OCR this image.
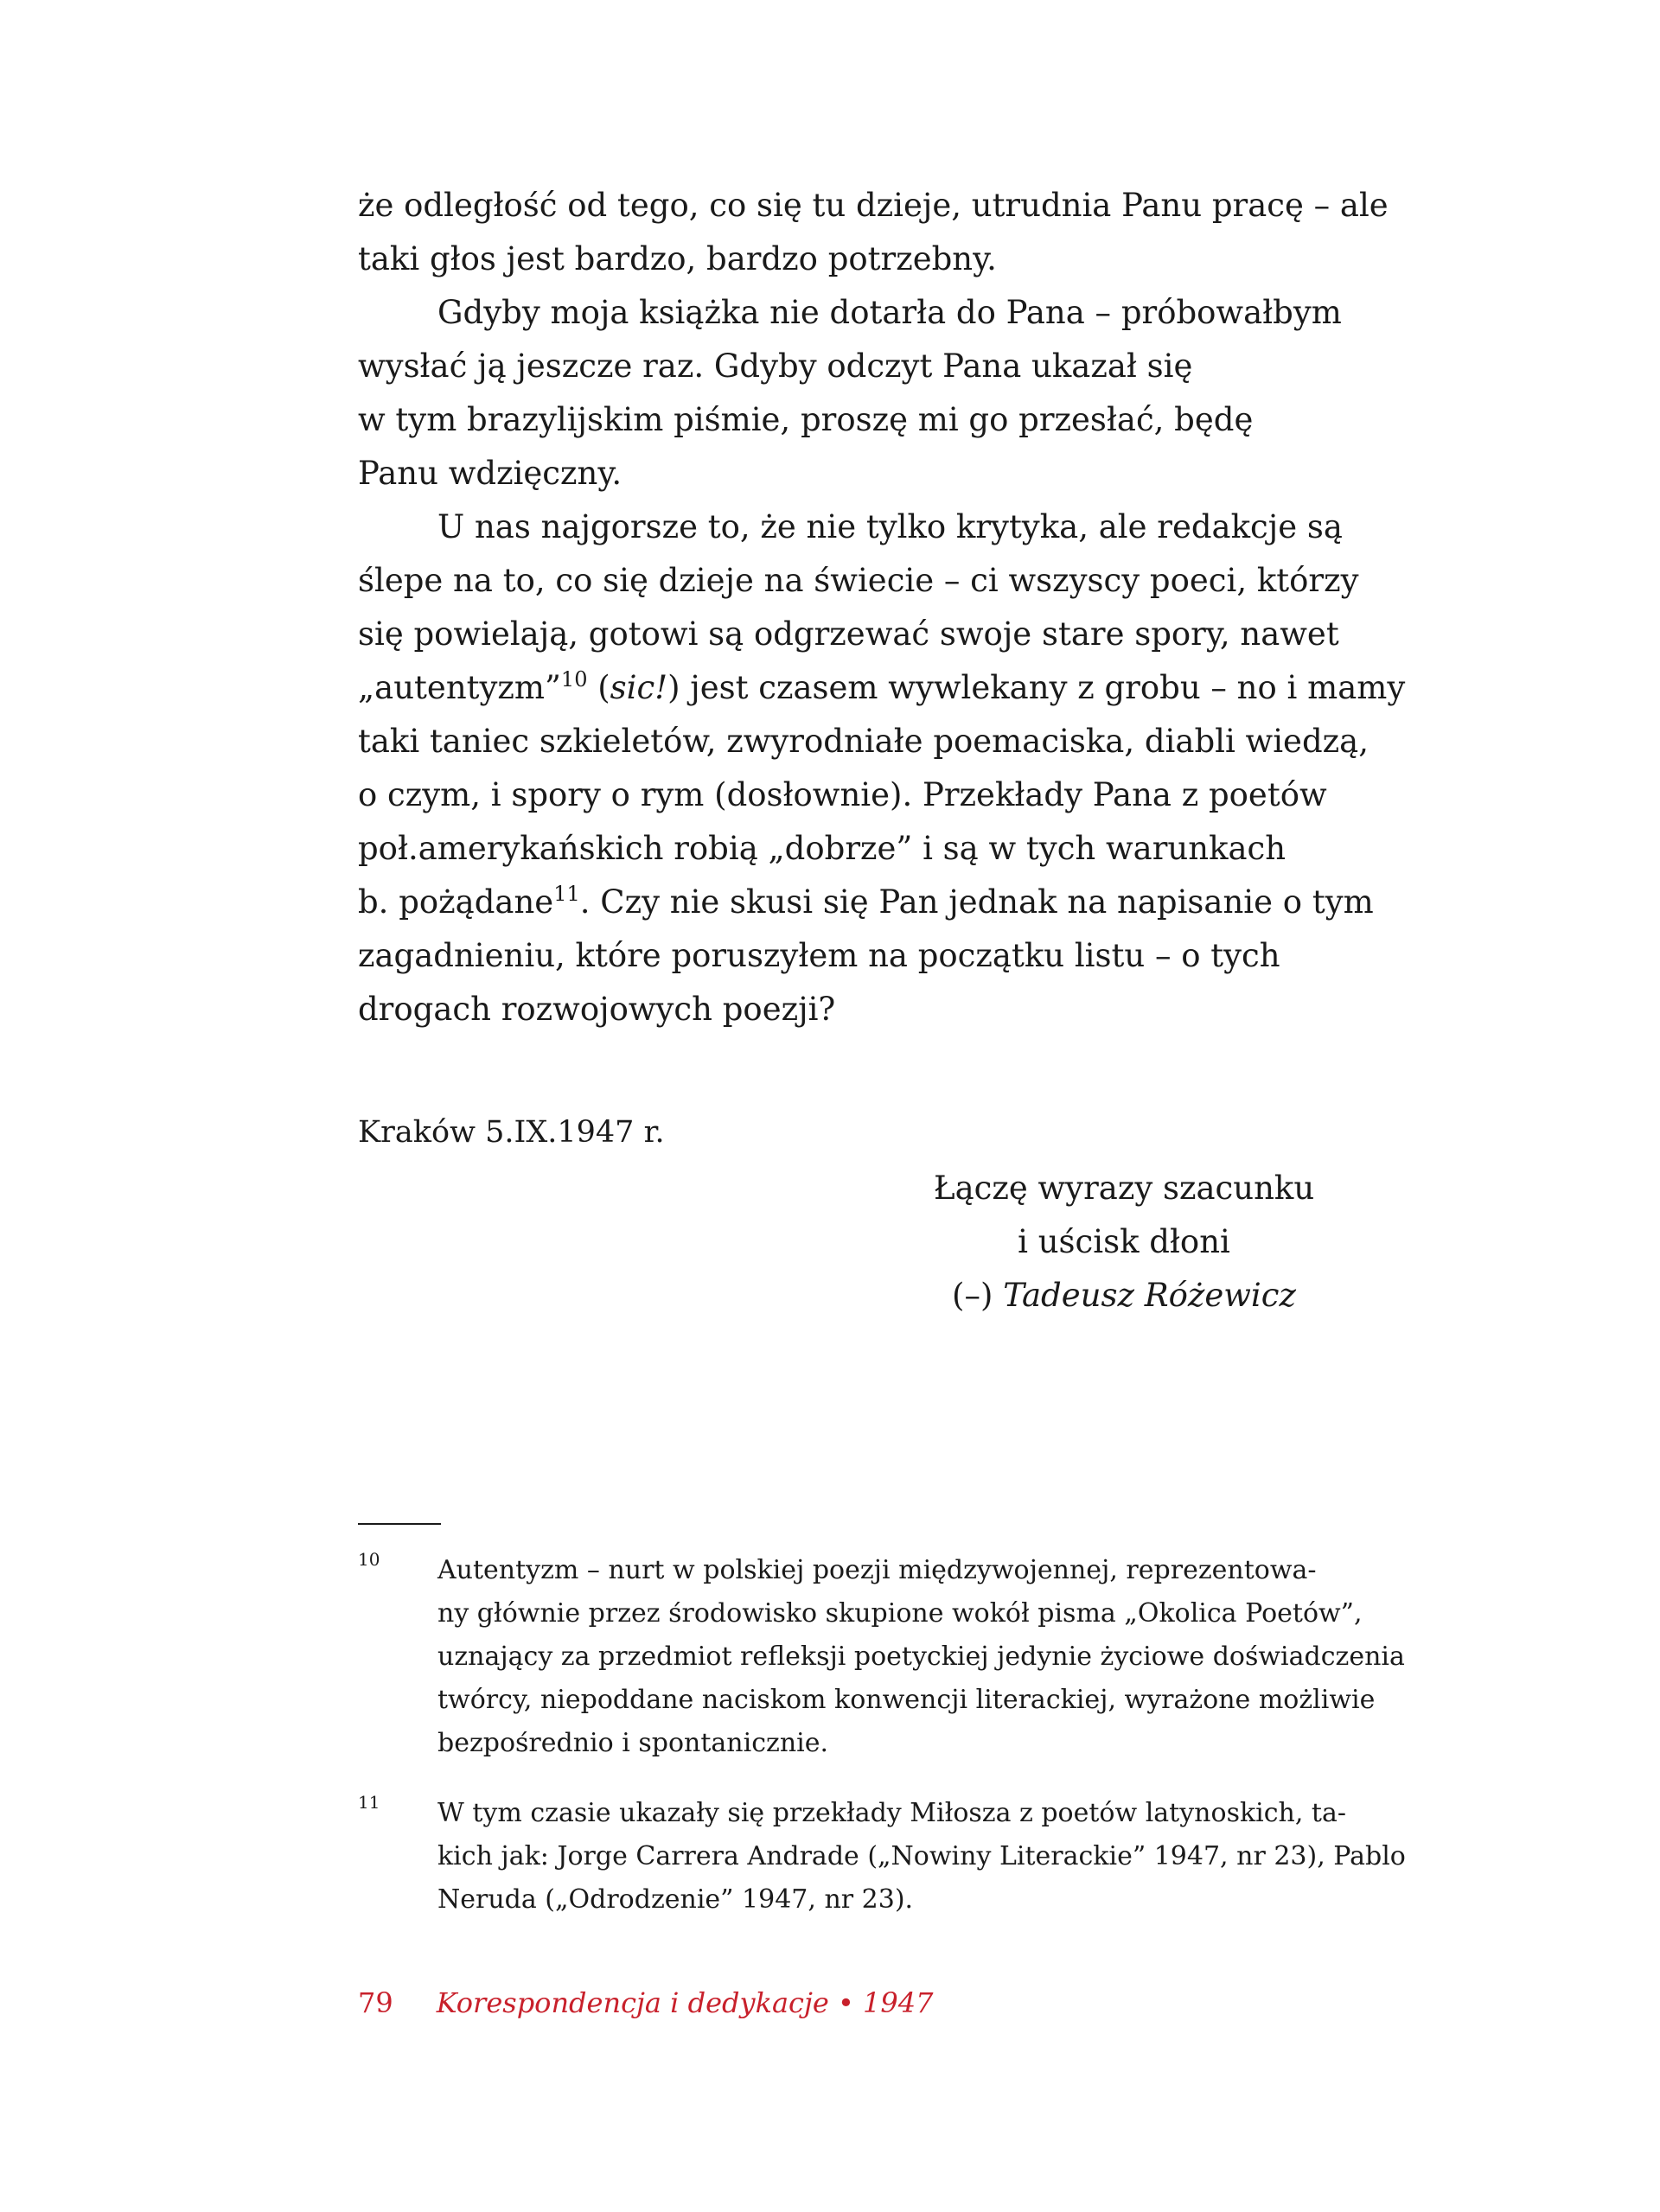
że odległość od tego, co się tu dzieje, utrudnia Panu pracę – ale
taki głos jest bardzo, bardzo potrzebny.
Gdyby moja książka nie dotarła do Pana – próbowałbym
wysłać ją jeszcze raz. Gdyby odczyt Pana ukazał się
w tym brazylijskim piśmie, proszę mi go przesłać, będę
Panu wdzięczny.
U nas najgorsze to, że nie tylko krytyka, ale redakcje są
ślepe na to, co się dzieje na świecie – ci wszyscy poeci, którzy
się powielają, gotowi są odgrzewać swoje stare spory, nawet
„autentyzm”$^{10}$ (sic!) jest czasem wywlekany z grobu – no i mamy
taki taniec szkieletów, zwyrodniałe poemaciska, diabli wiedzą,
o czym, i spory o rym (dosłownie). Przekłady Pana z poetów
poł.amerykańskich robią „dobrze” i są w tych warunkach
b. pożądane$^{11}$. Czy nie skusi się Pan jednak na napisanie o tym
zagadnieniu, które poruszyłem na początku listu – o tych
drogach rozwojowych poezji?
Kraków 5.IX.1947 r.
Łączę wyrazy szacunku
i uścisk dłoni
(–) Tadeusz Różewicz
10 Autentyzm – nurt w polskiej poezji międzywojennej, reprezentowa-
ny głównie przez środowisko skupione wokół pisma „Okolica Poetów”,
uznający za przedmiot refleksji poetyckiej jedynie życiowe doświadczenia
twórcy, niepoddane naciskom konwencji literackiej, wyrażone możliwie
bezpośrednio i spontanicznie.
11 W tym czasie ukazały się przekłady Miłosza z poetów latynoskich, ta-
kich jak: Jorge Carrera Andrade („Nowiny Literackie” 1947, nr 23), Pablo
Neruda („Odrodzenie” 1947, nr 23).
79 Korespondencja i dedykacje • 1947
